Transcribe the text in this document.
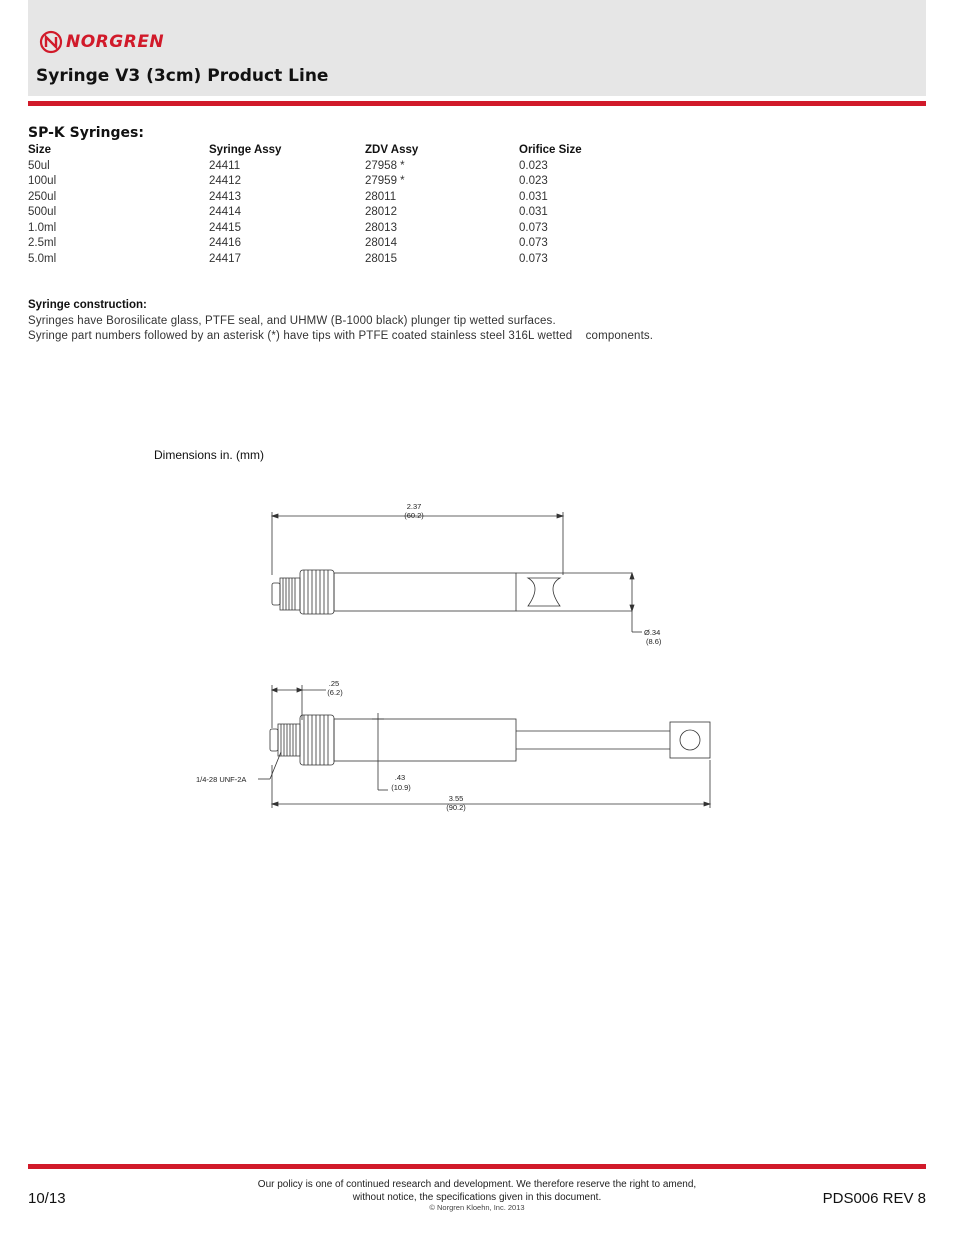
NORGREN
Syringe V3 (3cm) Product Line
SP-K Syringes:
Size	Syringe Assy	ZDV Assy	Orifice Size
50ul	24411	27958 *	0.023
100ul	24412	27959 *	0.023
250ul	24413	28011	0.031
500ul	24414	28012	0.031
1.0ml	24415	28013	0.073
2.5ml	24416	28014	0.073
5.0ml	24417	28015	0.073
Syringe construction:
Syringes have Borosilicate glass, PTFE seal, and UHMW (B-1000 black) plunger tip wetted surfaces.
Syringe part numbers followed by an asterisk (*) have tips with PTFE coated stainless steel 316L wetted    components.
Dimensions in. (mm)
2.37
(60.2)
Ø.34
(8.6)
.25
(6.2)
.43
(10.9)
1/4-28 UNF-2A
3.55
(90.2)
10/13	PDS006 REV 8
Our policy is one of continued research and development. We therefore reserve the right to amend,
without notice, the specifications given in this document.
© Norgren Kloehn, Inc. 2013
